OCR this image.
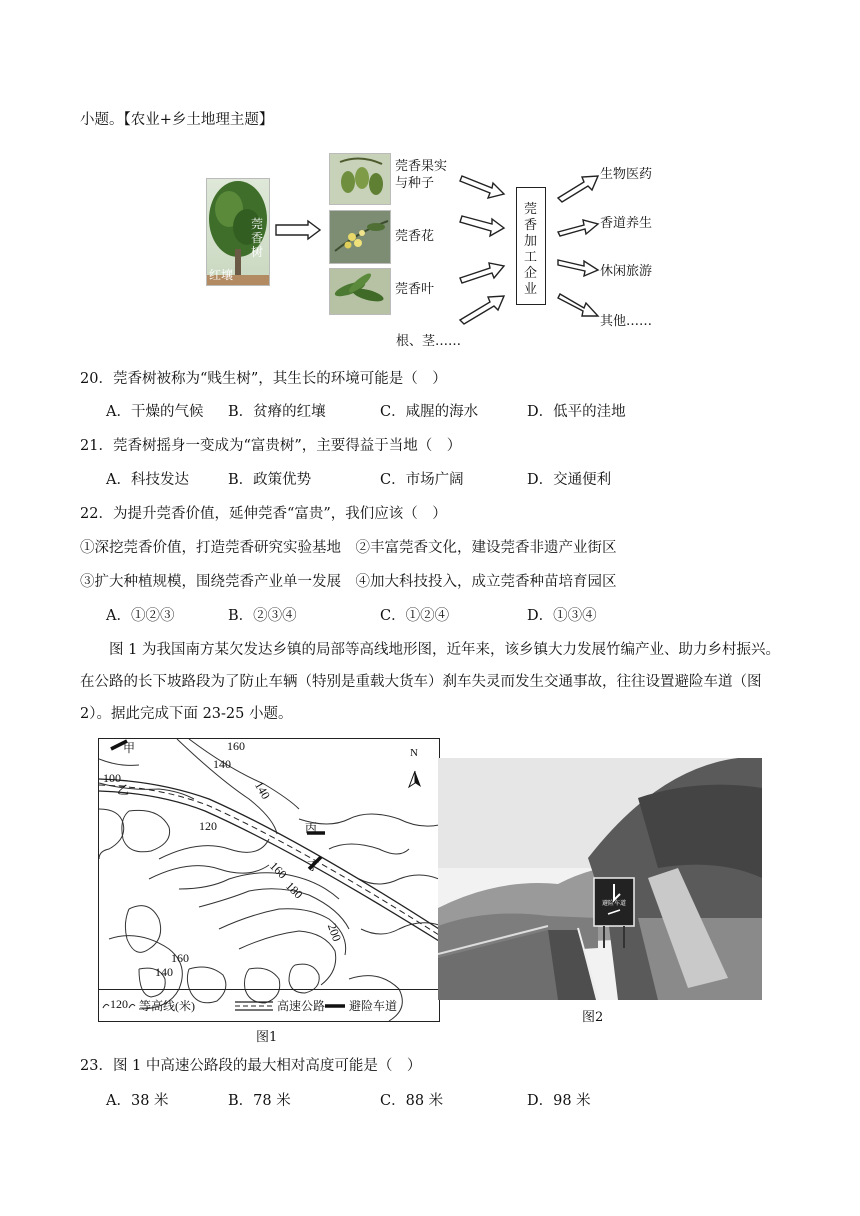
小题。【农业+乡土地理主题】
莞香树
红壤
莞香果实
与种子
莞香花
莞香叶
根、茎……
莞香加工企业
生物医药
香道养生
休闲旅游
其他……
20．莞香树被称为“贱生树”，其生长的环境可能是（　）
A．干燥的气候 B．贫瘠的红壤	C．咸腥的海水	D．低平的洼地
21．莞香树摇身一变成为“富贵树”，主要得益于当地（　）
A．科技发达	B．政策优势	C．市场广阔	D．交通便利
22．为提升莞香价值，延伸莞香“富贵”，我们应该（　）
①深挖莞香价值，打造莞香研究实验基地　②丰富莞香文化，建设莞香非遗产业街区
③扩大种植规模，围绕莞香产业单一发展　④加大科技投入，成立莞香种苗培育园区
A．①②③	B．②③④	C．①②④	D．①③④
图 1 为我国南方某欠发达乡镇的局部等高线地形图，近年来，该乡镇大力发展竹编产业、助力乡村振兴。在公路的长下坡路段为了防止车辆（特别是重载大货车）刹车失灵而发生交通事故，往往设置避险车道（图 2）。据此完成下面 23-25 小题。
160
140
100
140
120
160
180
200
160
140
甲
乙
丙
丁
N
120 等高线(米)	高速公路 避险车道
图1
避险车道
图2
23．图 1 中高速公路段的最大相对高度可能是（　）
A．38 米	B．78 米	C．88 米	D．98 米
